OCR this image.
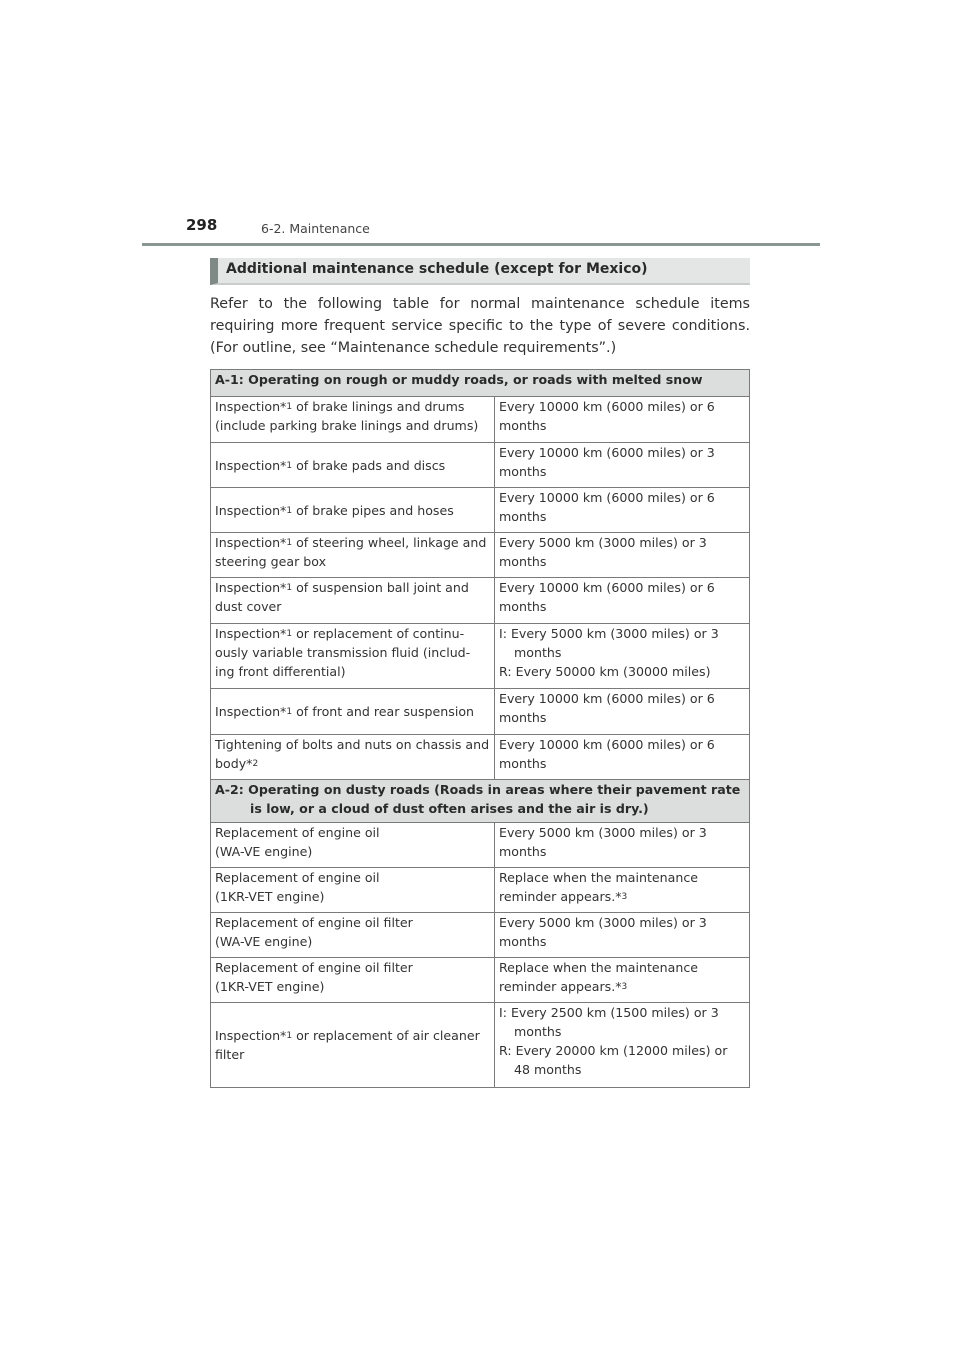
298	6-2. Maintenance
Additional maintenance schedule (except for Mexico)

Refer to the following table for normal maintenance schedule items requiring more frequent service specific to the type of severe conditions. (For outline, see “Maintenance schedule requirements”.)

A-1: Operating on rough or muddy roads, or roads with melted snow	
Inspection*$^1$ of brake linings and drums (include parking brake linings and drums)	Every 10000 km (6000 miles) or 6 months
Inspection*$^1$ of brake pads and discs	Every 10000 km (6000 miles) or 3 months
Inspection*$^1$ of brake pipes and hoses	Every 10000 km (6000 miles) or 6 months
Inspection*$^1$ of steering wheel, linkage and steering gear box	Every 5000 km (3000 miles) or 3 months
Inspection*$^1$ of suspension ball joint and dust cover	Every 10000 km (6000 miles) or 6 months
Inspection*$^1$ or replacement of continu- ously variable transmission fluid (includ- ing front differential)	I: Every 5000 km (3000 miles) or 3 months
R: Every 50000 km (30000 miles)

Inspection*$^1$ of front and rear suspension	Every 10000 km (6000 miles) or 6 months
Tightening of bolts and nuts on chassis and body*$^2$	Every 10000 km (6000 miles) or 6 months

A-2: Operating on dusty roads (Roads in areas where their pavement rate is low, or a cloud of dust often arises and the air is dry.)	

Replacement of engine oil
(WA-VE engine)	Every 5000 km (3000 miles) or 3 months
Replacement of engine oil
(1KR-VET engine)	Replace when the maintenance reminder appears.*$^3$
Replacement of engine oil filter
(WA-VE engine)	Every 5000 km (3000 miles) or 3 months
Replacement of engine oil filter
(1KR-VET engine)	Replace when the maintenance reminder appears.*$^3$
Inspection*$^1$ or replacement of air cleaner filter	I: Every 2500 km (1500 miles) or 3 months
R: Every 20000 km (12000 miles) or 48 months
